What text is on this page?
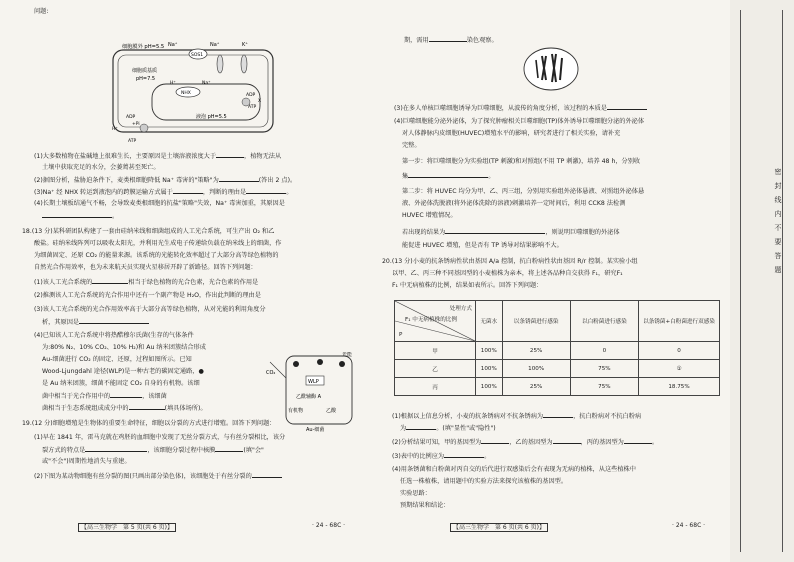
问题:
细胞膜外 pH=5.5
SOS1
Na⁺	Na⁺	K⁺
细胞质基质
pH=7.5
NHX
H⁺	Na⁺
液泡 pH=5.5
ADP
X
ATP
ADP
+Pi
H⁺
ATP
(1)大多数植物在盐碱地上很难生长，主要原因是土壤溶液浓度大于	，植物无法从
土壤中获取充足的水分，会萎蔫甚至死亡。
(2)据图分析，盐胁迫条件下，麦类根细胞降低 Na⁺ 毒害的"策略"为	(答出 2 点)。
(3)Na⁺ 经 NHX 转运到液泡内的跨膜运输方式属于	，判断的理由是	。
(4)长期土壤板结通气不畅，会导致麦类根细胞的抗盐"策略"失效，Na⁺ 毒害加重，其原因是
。
18.(13 分)某科研团队构建了一套由硅纳米线和细菌组成的人工光合系统，可生产出 O₂ 和乙
酸盐。硅纳米线阵列可以吸收太阳光，并利用光生成电子传递给负载在纳米线上的细菌，作
为细菌固定、还原 CO₂ 的能量来源。该系统的光能转化效率超过了大部分高等绿色植物的
自然光合作用效率，也为未来航天员实现火星移居开辟了新路径。回答下列问题：
(1)该人工光合系统的	相当于绿色植物的光合色素，光合色素的作用是
(2)推测该人工光合系统的光合作用中还有一个副产物是 H₂O，作出此判断的理由是
(3)该人工光合系统的光合作用效率高于大部分高等绿色植物，从对光能的利用角度分
析，其原因是
(4)已知该人工光合系统中将热醋穆尔氏菌(生存的气体条件
为:80% N₂、10% CO₂、10% H₂)和 Au 纳米团簇结合形成
Au-细菌进行 CO₂ 的固定、还原，过程如图所示。已知
Wood-Ljungdahl 途径(WLP)是一种古老的碳固定通路，●
是 Au 纳米团簇，细菌不能固定 CO₂ 自身的有机物。该细
菌中相当于光合作用中的	，该细菌
菌相当于生态系统组成成分中的	(填具体场所)。
光能
CO₂
WLP
乙酰辅酶 A
有机物	乙酸
Au-细菌
19.(12 分)细胞增殖是生物体的重要生命特征，细胞以分裂的方式进行增殖。回答下列问题：
(1)早在 1841 年，雷马克就在鸡胚的血细胞中发现了无丝分裂方式，与有丝分裂相比，该分
裂方式的特点是	，该细胞分裂过程中核膜	(填"会"
或"不会")周期性地消失与重建。
(2)下图为某动物细胞有丝分裂的图(只画出部分染色体)，该细胞处于有丝分裂的
【高三生物学　第 5 页(共 6 页)】	· 24 - 68C ·
期，需用	染色观察。
(3)在多人单核巨噬细胞诱导为巨噬细胞，从波传的角度分析，该过程的本质是
(4)巨噬细胞能分泌外泌体，为了探究肿瘤相关巨噬细胞(TP)体外诱导巨噬细胞分泌的外泌体
对人体静脉内皮细胞(HUVEC)增殖水平的影响，研究者进行了相关实验，请补充
完整。
第一步：将巨噬细胞分为实验组(TP 刺激)和对照组(不用 TP 刺激)，培养 48 h，分别收
集	。
第二步：将 HUVEC 均分为甲、乙、丙三组，分别用实验组外泌体悬液、对照组外泌体悬
液、外泌体洗脱液(将外泌体洗除的溶液)刺激培养一定时间后，利用 CCK8 法检测
HUVEC 增殖情况。
若出现的结果为	，则说明巨噬细胞的外泌体
能促进 HUVEC 增殖，但是否有 TP 诱导对结果影响不大。
20.(13 分)小麦的抗条锈病性状由基因 A/a 控制，抗白粉病性状由基因 R/r 控制。某实验小组
以甲、乙、丙三种不同基因型的小麦植株为亲本，将上述各品种自交获得 F₁，研究F₁
F₁ 中无病植株的比例，结果如表所示。回答下列问题：
处理方式
F₁ 中无病植株的比例
P	无菌水	以条锈菌进行感染	以白粉菌进行感染	以条锈菌+白粉菌进行双感染
甲	100%	25%	0	0
乙	100%	100%	75%	①
丙	100%	25%	75%	18.75%
(1)根据以上信息分析，小麦的抗条锈病对不抗条锈病为	，抗白粉病对不抗白粉病
为	。(填"显性"或"隐性")
(2)分析结果可知，甲的基因型为	，乙的基因型为	，丙的基因型为	。
(3)表中的比例应为	。
(4)用条锈菌和白粉菌对丙自交的后代进行双感染后会有表现为无病的植株，从这些植株中
任选一株植株，请用题中的实验方法来探究该植株的基因型。
实验思路：
预期结果和结论：
【高三生物学　第 6 页(共 6 页)】	· 24 - 68C ·
密　封　线　内　不　要　答　题
